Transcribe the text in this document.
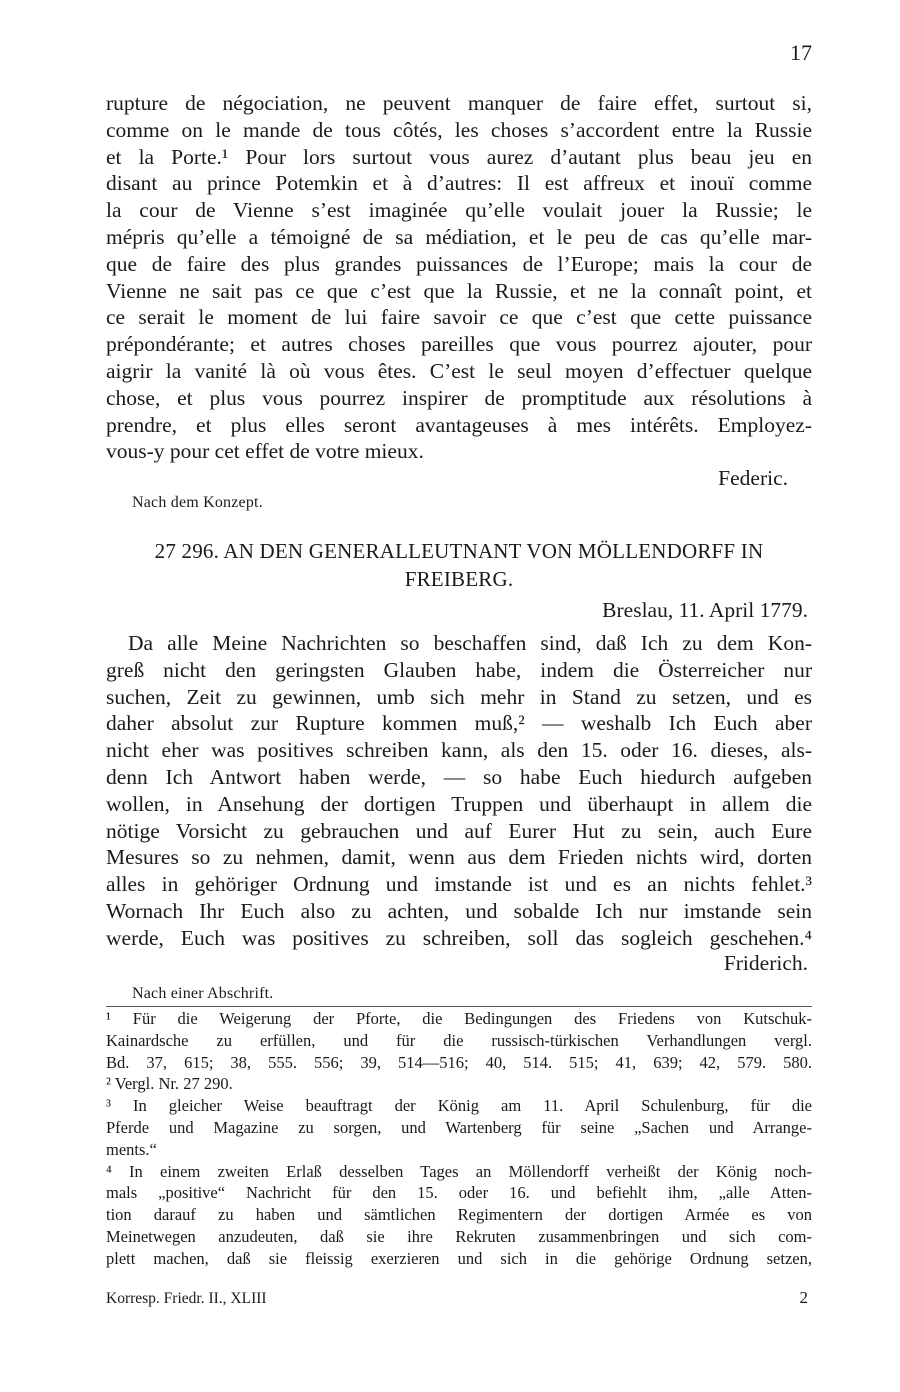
17
rupture de négociation, ne peuvent manquer de faire effet, surtout si,
comme on le mande de tous côtés, les choses s’accordent entre la Russie
et la Porte.¹ Pour lors surtout vous aurez d’autant plus beau jeu en
disant au prince Potemkin et à d’autres: Il est affreux et inouï comme
la cour de Vienne s’est imaginée qu’elle voulait jouer la Russie; le
mépris qu’elle a témoigné de sa médiation, et le peu de cas qu’elle mar-
que de faire des plus grandes puissances de l’Europe; mais la cour de
Vienne ne sait pas ce que c’est que la Russie, et ne la connaît point, et
ce serait le moment de lui faire savoir ce que c’est que cette puissance
prépondérante; et autres choses pareilles que vous pourrez ajouter, pour
aigrir la vanité là où vous êtes. C’est le seul moyen d’effectuer quelque
chose, et plus vous pourrez inspirer de promptitude aux résolutions à
prendre, et plus elles seront avantageuses à mes intérêts. Employez-
vous-y pour cet effet de votre mieux.
Federic.
Nach dem Konzept.
27 296. AN DEN GENERALLEUTNANT VON MÖLLENDORFF IN
FREIBERG.
Breslau, 11. April 1779.
Da alle Meine Nachrichten so beschaffen sind, daß Ich zu dem Kon-
greß nicht den geringsten Glauben habe, indem die Österreicher nur
suchen, Zeit zu gewinnen, umb sich mehr in Stand zu setzen, und es
daher absolut zur Rupture kommen muß,² — weshalb Ich Euch aber
nicht eher was positives schreiben kann, als den 15. oder 16. dieses, als-
denn Ich Antwort haben werde, — so habe Euch hiedurch aufgeben
wollen, in Ansehung der dortigen Truppen und überhaupt in allem die
nötige Vorsicht zu gebrauchen und auf Eurer Hut zu sein, auch Eure
Mesures so zu nehmen, damit, wenn aus dem Frieden nichts wird, dorten
alles in gehöriger Ordnung und imstande ist und es an nichts fehlet.³
Wornach Ihr Euch also zu achten, und sobalde Ich nur imstande sein
werde, Euch was positives zu schreiben, soll das sogleich geschehen.⁴
Friderich.
Nach einer Abschrift.
¹ Für die Weigerung der Pforte, die Bedingungen des Friedens von Kutschuk-
Kainardsche zu erfüllen, und für die russisch-türkischen Verhandlungen vergl.
Bd. 37, 615; 38, 555. 556; 39, 514—516; 40, 514. 515; 41, 639; 42, 579. 580.
² Vergl. Nr. 27 290.
³ In gleicher Weise beauftragt der König am 11. April Schulenburg, für die
Pferde und Magazine zu sorgen, und Wartenberg für seine „Sachen und Arrange-
ments.“
⁴ In einem zweiten Erlaß desselben Tages an Möllendorff verheißt der König noch-
mals „positive“ Nachricht für den 15. oder 16. und befiehlt ihm, „alle Atten-
tion darauf zu haben und sämtlichen Regimentern der dortigen Armée es von
Meinetwegen anzudeuten, daß sie ihre Rekruten zusammenbringen und sich com-
plett machen, daß sie fleissig exerzieren und sich in die gehörige Ordnung setzen,
Korresp. Friedr. II., XLIII	2
